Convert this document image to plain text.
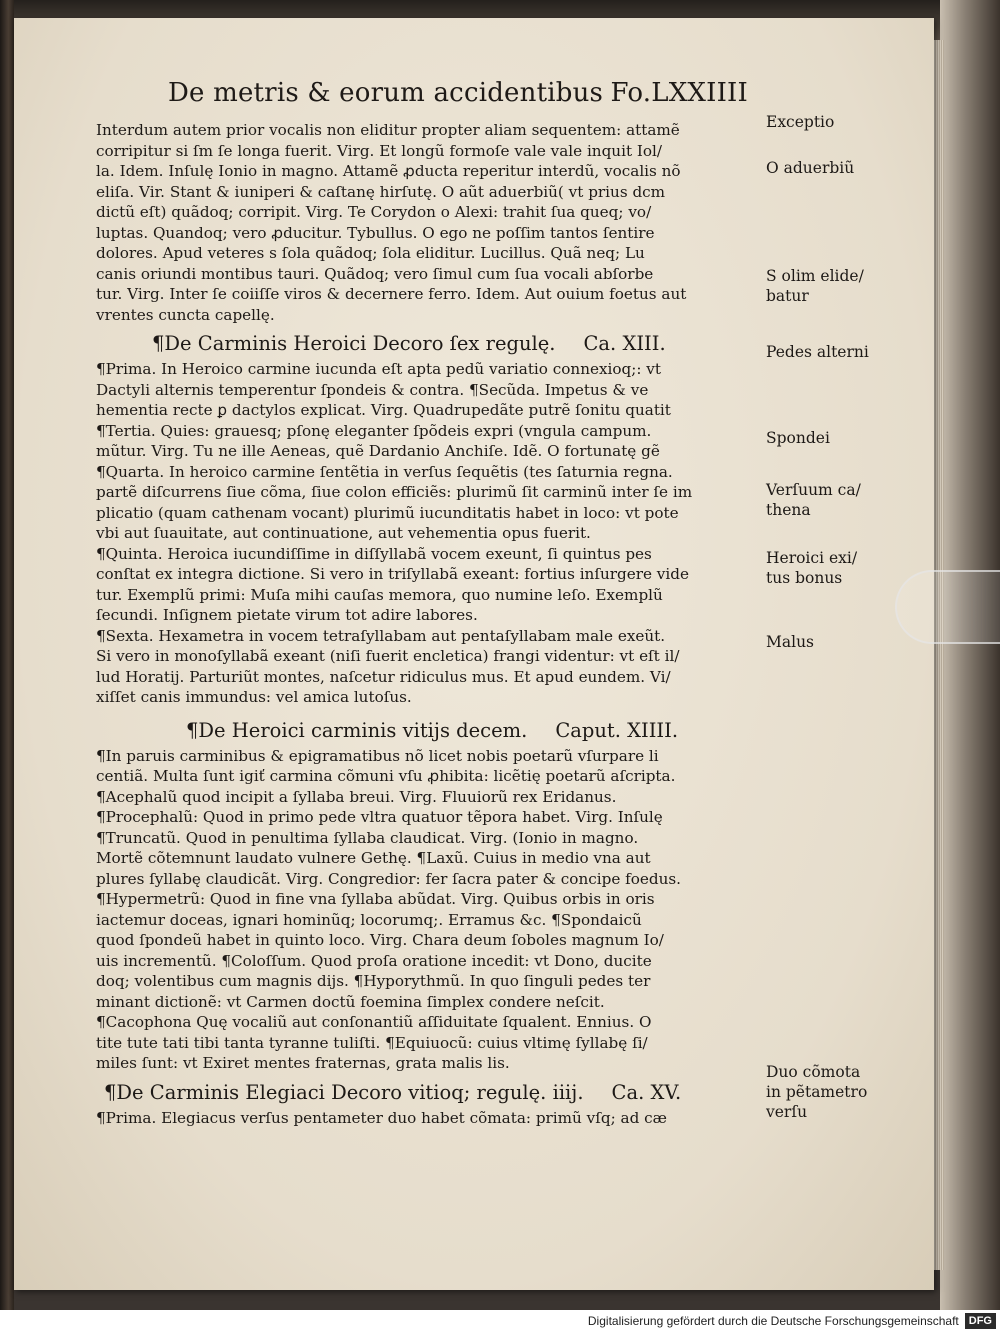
De metris & eorum accidentibus Fo.LXXIIII
Interdum autem prior vocalis non eliditur propter aliam sequentem: attamẽ
corripitur si ſm ſe longa fuerit. Virg. Et longũ formoſe vale vale inquit Iol/
la. Idem. Inſulę Ionio in magno. Attamẽ ꝓducta reperitur interdũ, vocalis nõ
eliſa. Vir. Stant & iuniperi & caſtanę hirſutę. O aũt aduerbiũ( vt prius dcm
dictũ eſt) quãdoq; corripit. Virg. Te Corydon o Alexi: trahit ſua queq; vo/
luptas. Quandoq; vero ꝓducitur. Tybullus. O ego ne poſſim tantos ſentire
dolores. Apud veteres s ſola quãdoq; ſola eliditur. Lucillus. Quã neq; Lu
canis oriundi montibus tauri. Quãdoq; vero ſimul cum ſua vocali abſorbe
tur. Virg. Inter ſe coiiſſe viros & decernere ferro. Idem. Aut ouium foetus aut
vrentes cuncta capellę.
¶De Carminis Heroici Decoro ſex regulę. Ca. XIII.
¶Prima. In Heroico carmine iucunda eſt apta pedũ variatio connexioq;: vt
Dactyli alternis temperentur ſpondeis & contra. ¶Secũda. Impetus & ve
hementia recte ꝑ dactylos explicat. Virg. Quadrupedãte putrẽ ſonitu quatit
¶Tertia. Quies: grauesq; pſonę eleganter ſpõdeis expri (vngula campum.
mũtur. Virg. Tu ne ille Aeneas, quẽ Dardanio Anchiſe. Idẽ. O fortunatę gẽ
¶Quarta. In heroico carmine ſentẽtia in verſus ſequẽtis (tes ſaturnia regna.
partẽ diſcurrens ſiue cõma, ſiue colon efficiẽs: plurimũ ſit carminũ inter ſe im
plicatio (quam cathenam vocant) plurimũ iucunditatis habet in loco: vt pote
vbi aut ſuauitate, aut continuatione, aut vehementia opus fuerit.
¶Quinta. Heroica iucundiſſime in diſſyllabã vocem exeunt, ſi quintus pes
conſtat ex integra dictione. Si vero in triſyllabã exeant: fortius inſurgere vide
tur. Exemplũ primi: Muſa mihi cauſas memora, quo numine leſo. Exemplũ
ſecundi. Inſignem pietate virum tot adire labores.
¶Sexta. Hexametra in vocem tetraſyllabam aut pentaſyllabam male exeũt.
Si vero in monoſyllabã exeant (niſi fuerit encletica) frangi videntur: vt eſt il/
lud Horatij. Parturiũt montes, naſcetur ridiculus mus. Et apud eundem. Vi/
xiſſet canis immundus: vel amica lutoſus.
¶De Heroici carminis vitijs decem. Caput. XIIII.
¶In paruis carminibus & epigramatibus nõ licet nobis poetarũ vſurpare li
centiã. Multa ſunt igiť carmina cõmuni vſu ꝓhibita: licẽtię poetarũ aſcripta.
¶Acephalũ quod incipit a ſyllaba breui. Virg. Fluuiorũ rex Eridanus.
¶Procephalũ: Quod in primo pede vltra quatuor tẽpora habet. Virg. Inſulę
¶Truncatũ. Quod in penultima ſyllaba claudicat. Virg. (Ionio in magno.
Mortẽ cõtemnunt laudato vulnere Gethę. ¶Laxũ. Cuius in medio vna aut
plures ſyllabę claudicãt. Virg. Congredior: fer ſacra pater & concipe foedus.
¶Hypermetrũ: Quod in fine vna ſyllaba abũdat. Virg. Quibus orbis in oris
iactemur doceas, ignari hominũq; locorumq;. Erramus &c. ¶Spondaicũ
quod ſpondeũ habet in quinto loco. Virg. Chara deum ſoboles magnum Io/
uis incrementũ. ¶Coloſſum. Quod proſa oratione incedit: vt Dono, ducite
doq; volentibus cum magnis dijs. ¶Hyporythmũ. In quo ſinguli pedes ter
minant dictionẽ: vt Carmen doctũ foemina ſimplex condere neſcit.
¶Cacophona Quę vocaliũ aut conſonantiũ aſſiduitate ſqualent. Ennius. O
tite tute tati tibi tanta tyranne tuliſti. ¶Equiuocũ: cuius vltimę ſyllabę ſi/
miles ſunt: vt Exiret mentes fraternas, grata malis lis.
¶De Carminis Elegiaci Decoro vitioq; regulę. iiij. Ca. XV.
¶Prima. Elegiacus verſus pentameter duo habet cõmata: primũ vſq; ad cæ
Exceptio
O aduerbiũ
S olim elide/
batur
Pedes alterni
Spondei
Verſuum ca/
thena
Heroici exi/
tus bonus
Malus
Duo cõmota in pẽtametro verſu
Digitalisierung gefördert durch die Deutsche Forschungsgemeinschaft DFG
